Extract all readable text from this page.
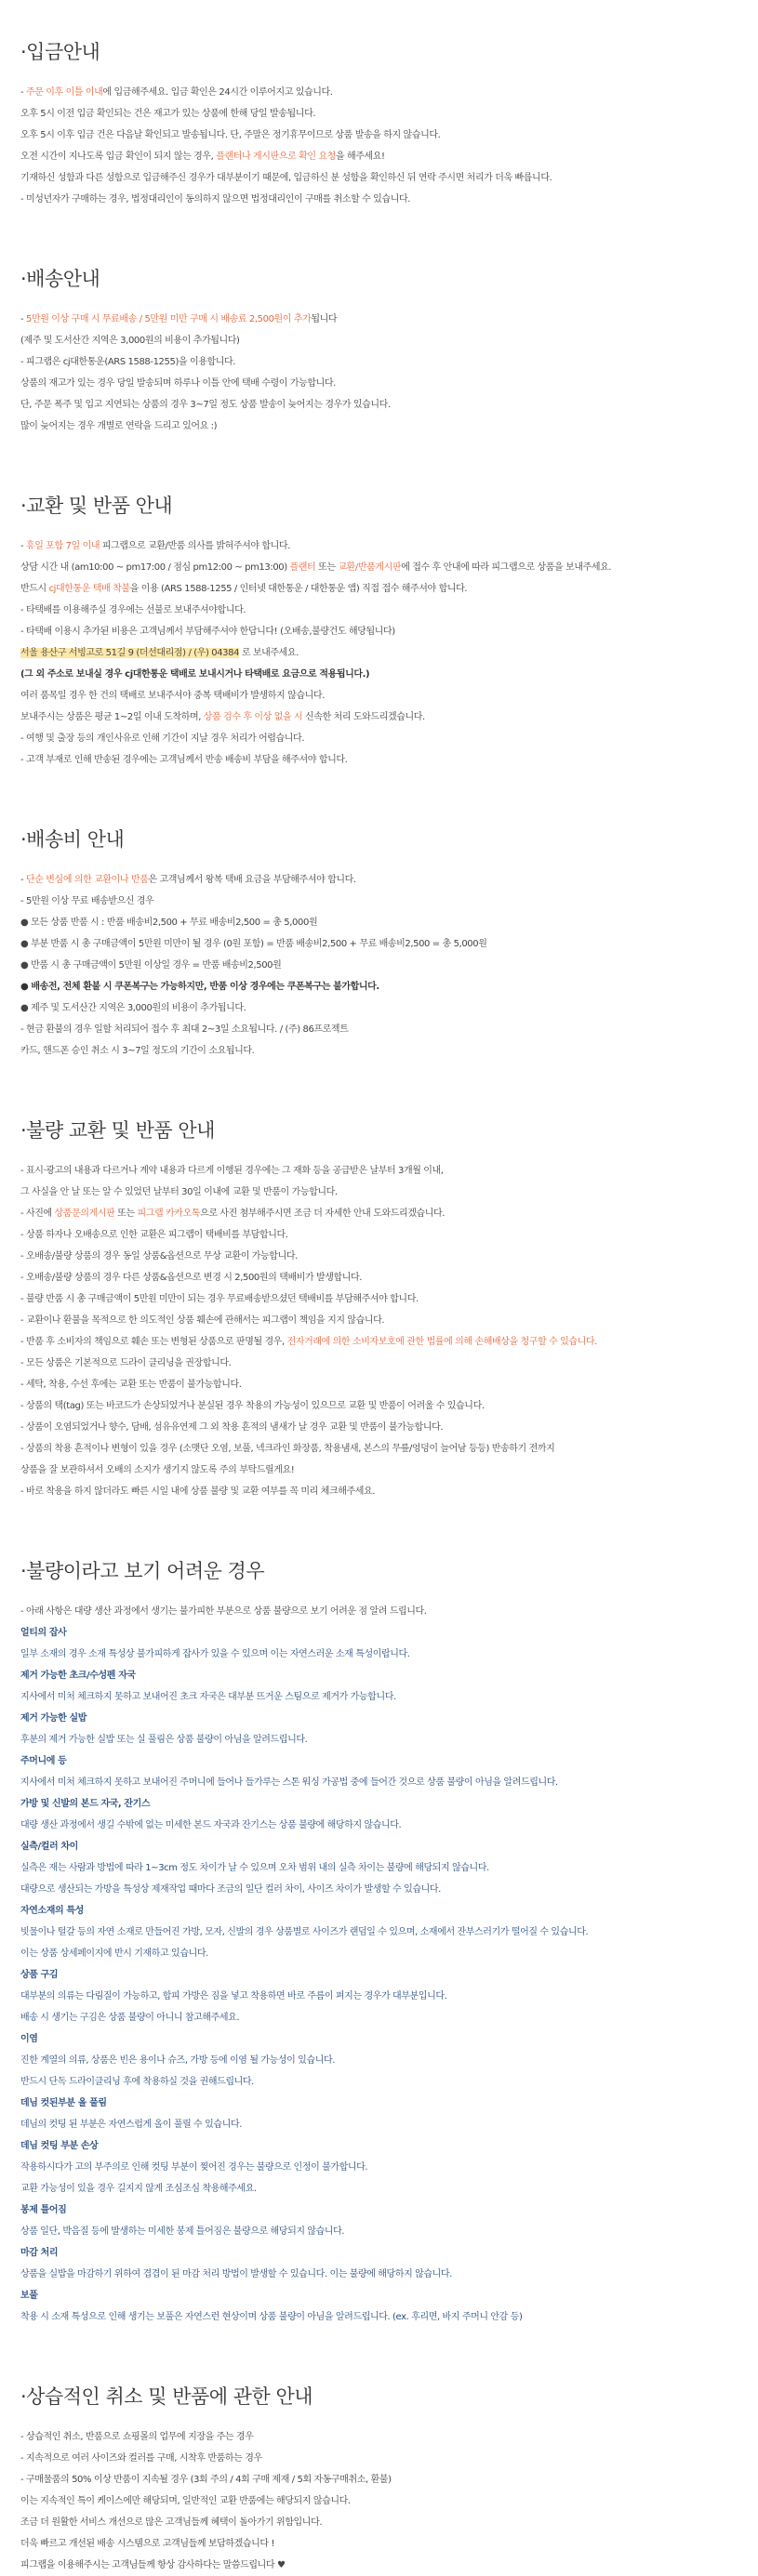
·입금안내
- 주문 이후 이틀 이내에 입금해주세요. 입금 확인은 24시간 이루어지고 있습니다.
오후 5시 이전 입금 확인되는 건은 재고가 있는 상품에 한해 당일 발송됩니다.
오후 5시 이후 입금 건은 다음날 확인되고 발송됩니다. 단, 주말은 정기휴무이므로 상품 발송을 하지 않습니다.
오전 시간이 지나도록 입금 확인이 되지 않는 경우, 플랜터나 게시판으로 확인 요청을 해주세요!
기재하신 성함과 다른 성함으로 입금해주신 경우가 대부분이기 때문에, 입금하신 분 성함을 확인하신 뒤 연락 주시면 처리가 더욱 빠릅니다.
- 미성년자가 구매하는 경우, 법정대리인이 동의하지 않으면 법정대리인이 구매를 취소할 수 있습니다.
·배송안내
- 5만원 이상 구매 시 무료배송 / 5만원 미만 구매 시 배송료 2,500원이 추가됩니다
(제주 및 도서산간 지역은 3,000원의 비용이 추가됩니다)
- 피그랩은 cj대한통운(ARS 1588-1255)을 이용합니다.
상품의 재고가 있는 경우 당일 발송되며 하루나 이틀 안에 택배 수령이 가능합니다.
단, 주문 폭주 및 입고 지연되는 상품의 경우 3~7일 정도 상품 발송이 늦어지는 경우가 있습니다.
많이 늦어지는 경우 개별로 연락을 드리고 있어요 :)
·교환 및 반품 안내
- 휴일 포함 7일 이내 피그랩으로 교환/반품 의사를 밝혀주셔야 합니다.
상담 시간 내 (am10:00 ~ pm17:00 / 점심 pm12:00 ~ pm13:00) 플랜터 또는 교환/반품게시판에 접수 후 안내에 따라 피그랩으로 상품을 보내주세요.
반드시 cj대한통운 택배 착불을 이용 (ARS 1588-1255 / 인터넷 대한통운 / 대한통운 앱) 직접 접수 해주셔야 합니다.
- 타택배를 이용해주실 경우에는 선불로 보내주셔야합니다.
- 타택배 이용시 추가된 비용은 고객님께서 부담해주셔야 한답니다! (오배송,불량건도 해당됩니다)
서울 용산구 서빙고로 51길 9 (더선대리점) / (우) 04384 로 보내주세요.
(그 외 주소로 보내실 경우 cj대한통운 택배로 보내시거나 타택배로 요금으로 적용됩니다.)
여러 품목일 경우 한 건의 택배로 보내주셔야 중복 택배비가 발생하지 않습니다.
보내주시는 상품은 평균 1~2일 이내 도착하며, 상품 검수 후 이상 없을 시 신속한 처리 도와드리겠습니다.
- 여행 및 출장 등의 개인사유로 인해 기간이 지날 경우 처리가 어렵습니다.
- 고객 부재로 인해 반송된 경우에는 고객님께서 반송 배송비 부담을 해주셔야 합니다.
·배송비 안내
- 단순 변심에 의한 교환이나 반품은 고객님께서 왕복 택배 요금을 부담해주셔야 합니다.
- 5만원 이상 무료 배송받으신 경우
● 모든 상품 반품 시 : 반품 배송비2,500 + 무료 배송비2,500 = 총 5,000원
● 부분 반품 시 총 구매금액이 5만원 미만이 될 경우 (0원 포함) = 반품 배송비2,500 + 무료 배송비2,500 = 총 5,000원
● 반품 시 총 구매금액이 5만원 이상일 경우 = 반품 배송비2,500원
● 배송전, 전체 환불 시 쿠폰복구는 가능하지만, 반품 이상 경우에는 쿠폰복구는 불가합니다.
● 제주 및 도서산간 지역은 3,000원의 비용이 추가됩니다.
- 현금 환불의 경우 일할 처리되어 접수 후 최대 2~3일 소요됩니다. / (주) 86프로젝트
카드, 핸드폰 승인 취소 시 3~7일 정도의 기간이 소요됩니다.
·불량 교환 및 반품 안내
- 표시·광고의 내용과 다르거나 계약 내용과 다르게 이행된 경우에는 그 재화 등을 공급받은 날부터 3개월 이내,
그 사실을 안 날 또는 알 수 있었던 날부터 30일 이내에 교환 및 반품이 가능합니다.
- 사진에 상품문의게시판 또는 피그랩 카카오톡으로 사진 첨부해주시면 조금 더 자세한 안내 도와드리겠습니다.
- 상품 하자나 오배송으로 인한 교환은 피그랩이 택배비를 부담합니다.
- 오배송/불량 상품의 경우 동일 상품&옵션으로 무상 교환이 가능합니다.
- 오배송/불량 상품의 경우 다른 상품&옵션으로 변경 시 2,500원의 택배비가 발생합니다.
- 불량 반품 시 총 구매금액이 5만원 미만이 되는 경우 무료배송받으셨던 택배비를 부담해주셔야 합니다.
- 교환이나 환불을 목적으로 한 의도적인 상품 훼손에 관해서는 피그랩이 책임을 지지 않습니다.
- 반품 후 소비자의 책임으로 훼손 또는 변형된 상품으로 판명될 경우, 전자거래에 의한 소비자보호에 관한 법률에 의해 손해배상을 청구할 수 있습니다.
- 모든 상품은 기본적으로 드라이 클리닝을 권장합니다.
- 세탁, 착용, 수선 후에는 교환 또는 반품이 불가능합니다.
- 상품의 택(tag) 또는 바코드가 손상되었거나 분실된 경우 착용의 가능성이 있으므로 교환 및 반품이 어려울 수 있습니다.
- 상품이 오염되었거나 향수, 담배, 섬유유연제 그 외 착용 흔적의 냄새가 날 경우 교환 및 반품이 불가능합니다.
- 상품의 착용 흔적이나 변형이 있을 경우 (소맷단 오염, 보풀, 넥크라인 화장품, 착용냄새, 본스의 무릎/엉덩이 늘어남 등등) 반송하기 전까지
상품을 잘 보관하셔서 오배의 소지가 생기지 않도록 주의 부탁드릴게요!
- 바로 착용을 하지 않더라도 빠른 시일 내에 상품 불량 및 교환 여부를 꼭 미리 체크해주세요.
·불량이라고 보기 어려운 경우
- 아래 사항은 대량 생산 과정에서 생기는 불가피한 부분으로 상품 불량으로 보기 어려운 점 알려 드립니다.
얼티의 잡사
일부 소재의 경우 소재 특성상 불가피하게 잡사가 있을 수 있으며 이는 자연스러운 소재 특성이랍니다.
제거 가능한 초크/수성펜 자국
지사에서 미처 체크하지 못하고 보내어진 초크 자국은 대부분 뜨거운 스팀으로 제거가 가능합니다.
제거 가능한 실밥
후분의 제거 가능한 실밥 또는 실 풀림은 상품 불량이 아님을 알려드립니다.
주머니에 등
지사에서 미처 체크하지 못하고 보내어진 주머니에 들어나 들가루는 스톤 워싱 가공법 중에 들어간 것으로 상품 불량이 아님을 알려드립니다.
가방 및 신발의 본드 자국, 잔기스
대량 생산 과정에서 생길 수밖에 없는 미세한 본드 자국과 잔기스는 상품 불량에 해당하지 않습니다.
실측/컬러 차이
실측은 재는 사람과 방법에 따라 1~3cm 정도 차이가 날 수 있으며 오차 범위 내의 실측 차이는 불량에 해당되지 않습니다.
대량으로 생산되는 가방을 특성상 제재작업 때마다 조금의 일단 컬러 차이, 사이즈 차이가 발생할 수 있습니다.
자연소재의 특성
빗물이나 털갈 등의 자연 소재로 만들어진 가방, 모자, 신발의 경우 상품별로 사이즈가 랜덤일 수 있으며, 소재에서 잔부스러기가 떨어질 수 있습니다.
이는 상품 상세페이지에 반시 기재하고 있습니다.
상품 구김
대부분의 의류는 다림질이 가능하고, 합피 가방은 짐을 넣고 착용하면 바로 주름이 펴지는 경우가 대부분입니다.
배송 시 생기는 구김은 상품 불량이 아니니 참고해주세요.
이염
진한 계열의 의류, 상품은 빈은 용이나 슈즈, 가방 등에 이염 될 가능성이 있습니다.
반드시 단독 드라이클리닝 후에 착용하실 것을 권해드립니다.
데님 컷된부분 올 풀림
데님의 컷팅 된 부분은 자연스럽게 올이 풀릴 수 있습니다.
데님 컷팅 부분 손상
작용하시다가 고의 부주의로 인해 컷팅 부분이 찢어진 경우는 불량으로 인정이 불가합니다.
교환 가능성이 있을 경우 길지지 않게 조심조심 착용해주세요.
봉제 틀어짐
상품 일단, 박음질 등에 발생하는 미세한 봉제 틀어짐은 불량으로 해당되지 않습니다.
마감 처리
상품을 실밥을 마감하기 위하여 겹겹이 된 마감 처리 방법이 발생할 수 있습니다. 이는 불량에 해당하지 않습니다.
보풀
착용 시 소재 특성으로 인해 생기는 보풀은 자연스런 현상이며 상품 불량이 아님을 알려드립니다. (ex. 후리면, 바지 주머니 안감 등)
·상습적인 취소 및 반품에 관한 안내
- 상습적인 취소, 반품으로 쇼핑몰의 업무에 지장을 주는 경우
- 지속적으로 여러 사이즈와 컬러를 구매, 시착후 반품하는 경우
- 구매물품의 50% 이상 반품이 지속될 경우 (3회 주의 / 4회 구매 제재 / 5회 자동구매취소, 환불)
이는 지속적인 특이 케이스에만 해당되며, 일반적인 교환 반품에는 해당되지 않습니다.
조금 더 원활한 서비스 개선으로 많은 고객님들께 혜택이 돌아가기 위함입니다.
더욱 빠르고 개선된 배송 시스템으로 고객님들께 보답하겠습니다 !
피그랩을 이용해주시는 고객님들께 항상 감사하다는 말씀드립니다 ♥
